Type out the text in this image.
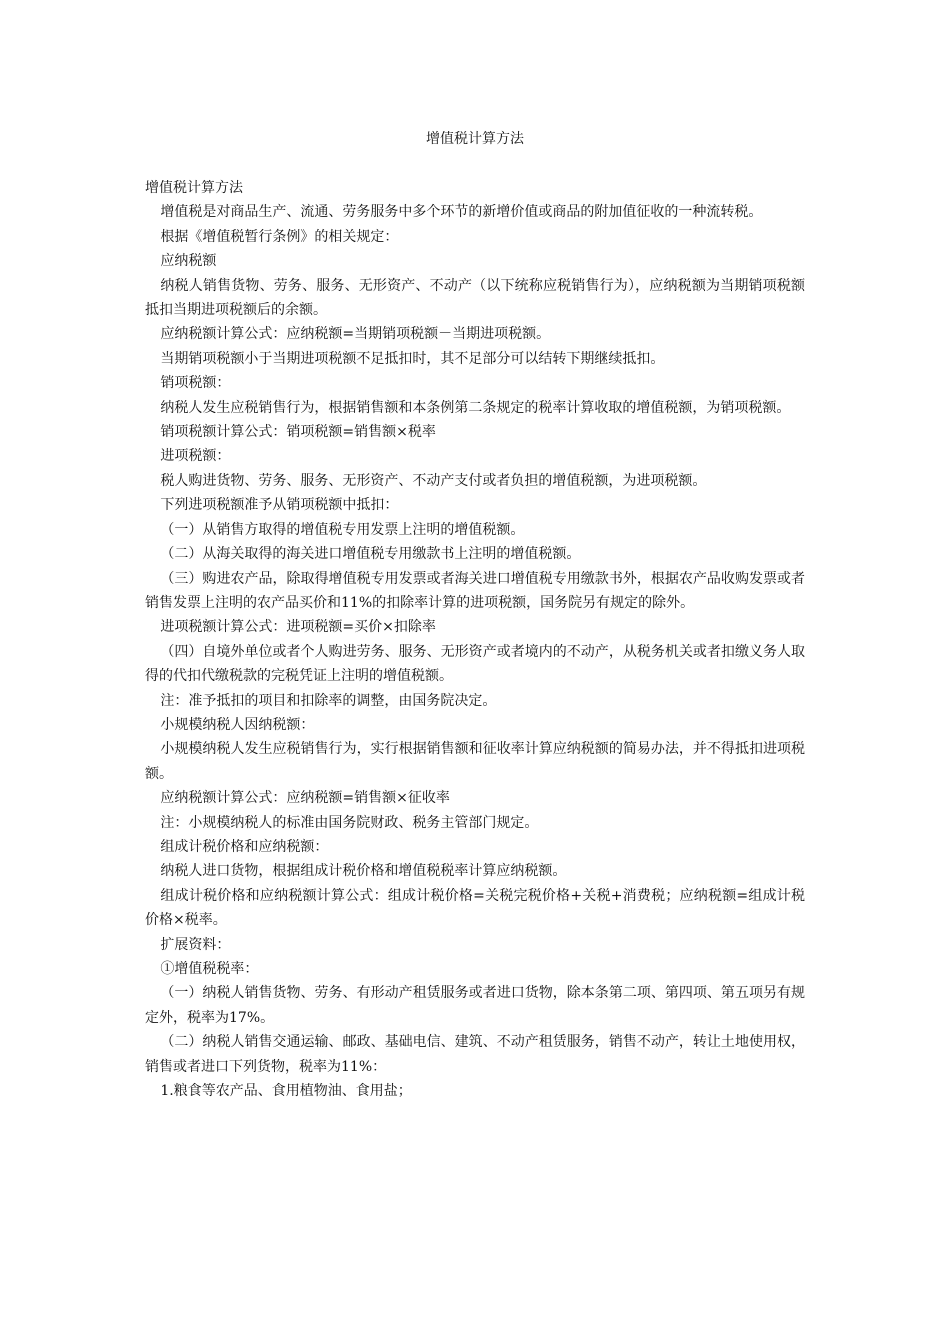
增值税计算方法

增值税计算方法

增值税是对商品生产、流通、劳务服务中多个环节的新增价值或商品的附加值征收的一种流转税。

根据《增值税暂行条例》的相关规定：

应纳税额

纳税人销售货物、劳务、服务、无形资产、不动产（以下统称应税销售行为），应纳税额为当期销项税额抵扣当期进项税额后的余额。

应纳税额计算公式：应纳税额=当期销项税额－当期进项税额。

当期销项税额小于当期进项税额不足抵扣时，其不足部分可以结转下期继续抵扣。

销项税额：

纳税人发生应税销售行为，根据销售额和本条例第二条规定的税率计算收取的增值税额，为销项税额。

销项税额计算公式：销项税额=销售额×税率

进项税额：

税人购进货物、劳务、服务、无形资产、不动产支付或者负担的增值税额，为进项税额。

下列进项税额准予从销项税额中抵扣：

（一）从销售方取得的增值税专用发票上注明的增值税额。

（二）从海关取得的海关进口增值税专用缴款书上注明的增值税额。

（三）购进农产品，除取得增值税专用发票或者海关进口增值税专用缴款书外，根据农产品收购发票或者销售发票上注明的农产品买价和11%的扣除率计算的进项税额，国务院另有规定的除外。

进项税额计算公式：进项税额=买价×扣除率

（四）自境外单位或者个人购进劳务、服务、无形资产或者境内的不动产，从税务机关或者扣缴义务人取得的代扣代缴税款的完税凭证上注明的增值税额。

注：准予抵扣的项目和扣除率的调整，由国务院决定。

小规模纳税人因纳税额：

小规模纳税人发生应税销售行为，实行根据销售额和征收率计算应纳税额的简易办法，并不得抵扣进项税额。

应纳税额计算公式：应纳税额=销售额×征收率

注：小规模纳税人的标准由国务院财政、税务主管部门规定。

组成计税价格和应纳税额：

纳税人进口货物，根据组成计税价格和增值税税率计算应纳税额。

组成计税价格和应纳税额计算公式：组成计税价格=关税完税价格+关税+消费税；应纳税额=组成计税价格×税率。

扩展资料：

①增值税税率：

（一）纳税人销售货物、劳务、有形动产租赁服务或者进口货物，除本条第二项、第四项、第五项另有规定外，税率为17%。

（二）纳税人销售交通运输、邮政、基础电信、建筑、不动产租赁服务，销售不动产，转让土地使用权，销售或者进口下列货物，税率为11%：

1.粮食等农产品、食用植物油、食用盐；
